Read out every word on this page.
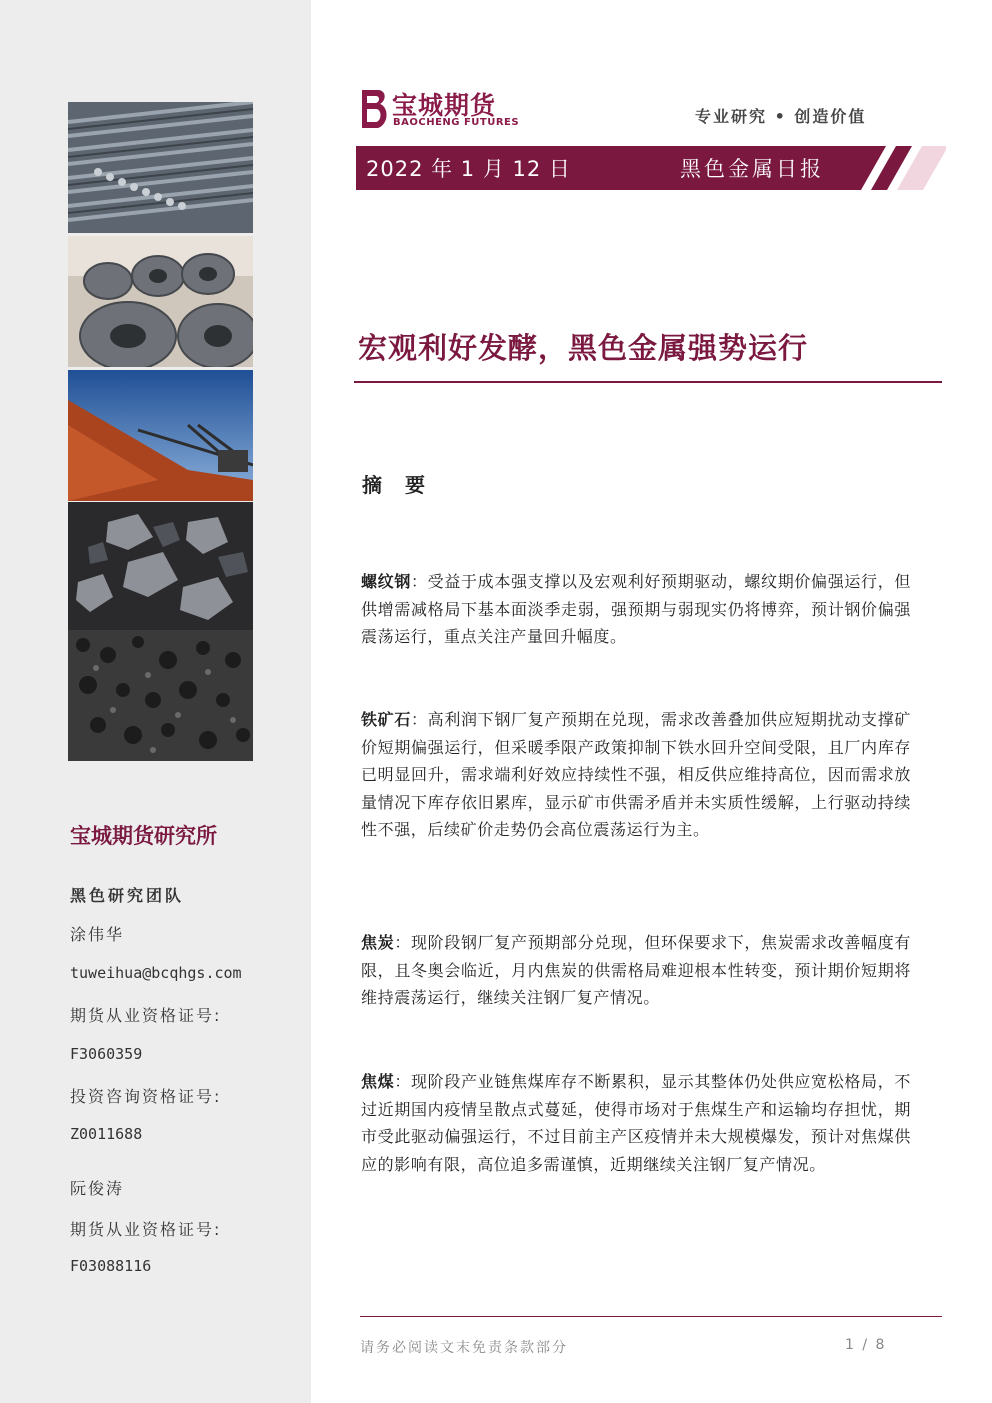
宝城期货研究所
黑色研究团队
涂伟华
tuweihua@bcqhgs.com
期货从业资格证号:
F3060359
投资咨询资格证号:
Z0011688
阮俊涛
期货从业资格证号:
F03088116
宝城期货
BAOCHENG FUTURES	专业研究 • 创造价值
2022 年 1 月 12 日	黑色金属日报
宏观利好发酵，黑色金属强势运行
摘 要
螺纹钢：受益于成本强支撑以及宏观利好预期驱动，螺纹期价偏强运行，但供增需减格局下基本面淡季走弱，强预期与弱现实仍将博弈，预计钢价偏强震荡运行，重点关注产量回升幅度。
铁矿石：高利润下钢厂复产预期在兑现，需求改善叠加供应短期扰动支撑矿价短期偏强运行，但采暖季限产政策抑制下铁水回升空间受限，且厂内库存已明显回升，需求端利好效应持续性不强，相反供应维持高位，因而需求放量情况下库存依旧累库，显示矿市供需矛盾并未实质性缓解，上行驱动持续性不强，后续矿价走势仍会高位震荡运行为主。
焦炭：现阶段钢厂复产预期部分兑现，但环保要求下，焦炭需求改善幅度有限，且冬奥会临近，月内焦炭的供需格局难迎根本性转变，预计期价短期将维持震荡运行，继续关注钢厂复产情况。
焦煤：现阶段产业链焦煤库存不断累积，显示其整体仍处供应宽松格局，不过近期国内疫情呈散点式蔓延，使得市场对于焦煤生产和运输均存担忧，期市受此驱动偏强运行，不过目前主产区疫情并未大规模爆发，预计对焦煤供应的影响有限，高位追多需谨慎，近期继续关注钢厂复产情况。
请务必阅读文末免责条款部分	1 / 8
